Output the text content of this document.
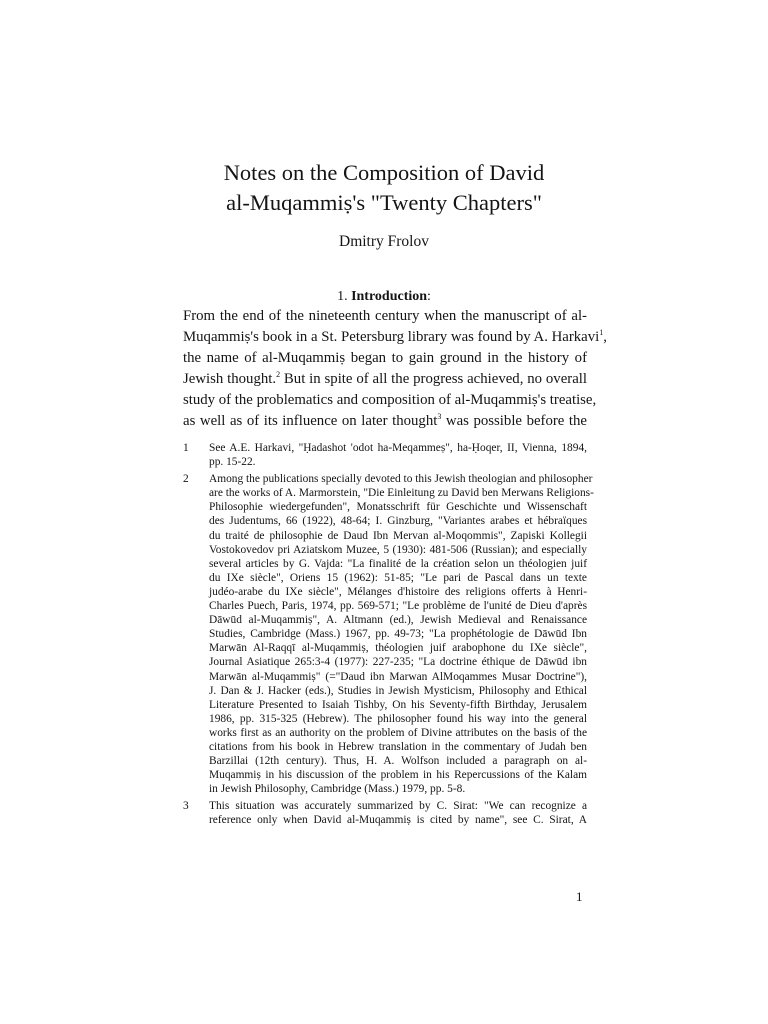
Notes on the Composition of David
al-Muqammiṣ's "Twenty Chapters"
Dmitry Frolov
1. Introduction:
From the end of the nineteenth century when the manuscript of al-
Muqammiṣ's book in a St. Petersburg library was found by A. Harkavi$^1$,
the name of al-Muqammiṣ began to gain ground in the history of
Jewish thought.$^2$ But in spite of all the progress achieved, no overall
study of the problematics and composition of al-Muqammiṣ's treatise,
as well as of its influence on later thought$^3$ was possible before the
1	See A.E. Harkavi, "Ḥadashot 'odot ha-Meqammeṣ", ha-Ḥoqer, II, Vienna, 1894,
pp. 15-22.
2	Among the publications specially devoted to this Jewish theologian and philosopher
are the works of A. Marmorstein, "Die Einleitung zu David ben Merwans Religions-
Philosophie wiedergefunden", Monatsschrift für Geschichte und Wissenschaft
des Judentums, 66 (1922), 48-64; I. Ginzburg, "Variantes arabes et hébraïques
du traité de philosophie de Daud Ibn Mervan al-Moqommis", Zapiski Kollegii
Vostokovedov pri Aziatskom Muzee, 5 (1930): 481-506 (Russian); and especially
several articles by G. Vajda: "La finalité de la création selon un théologien juif
du IXe siècle", Oriens 15 (1962): 51-85; "Le pari de Pascal dans un texte
judéo-arabe du IXe siècle", Mélanges d'histoire des religions offerts à Henri-
Charles Puech, Paris, 1974, pp. 569-571; "Le problème de l'unité de Dieu d'après
Dāwūd al-Muqammiṣ", A. Altmann (ed.), Jewish Medieval and Renaissance
Studies, Cambridge (Mass.) 1967, pp. 49-73; "La prophétologie de Dāwūd Ibn
Marwān Al-Raqqī al-Muqammiṣ, théologien juif arabophone du IXe siècle",
Journal Asiatique 265:3-4 (1977): 227-235; "La doctrine éthique de Dāwūd ibn
Marwān al-Muqammiṣ" (="Daud ibn Marwan AlMoqammes Musar Doctrine"),
J. Dan & J. Hacker (eds.), Studies in Jewish Mysticism, Philosophy and Ethical
Literature Presented to Isaiah Tishby, On his Seventy-fifth Birthday, Jerusalem
1986, pp. 315-325 (Hebrew). The philosopher found his way into the general
works first as an authority on the problem of Divine attributes on the basis of the
citations from his book in Hebrew translation in the commentary of Judah ben
Barzillai (12th century). Thus, H. A. Wolfson included a paragraph on al-
Muqammiṣ in his discussion of the problem in his Repercussions of the Kalam
in Jewish Philosophy, Cambridge (Mass.) 1979, pp. 5-8.
3	This situation was accurately summarized by C. Sirat: "We can recognize a
reference only when David al-Muqammiṣ is cited by name", see C. Sirat, A
1
